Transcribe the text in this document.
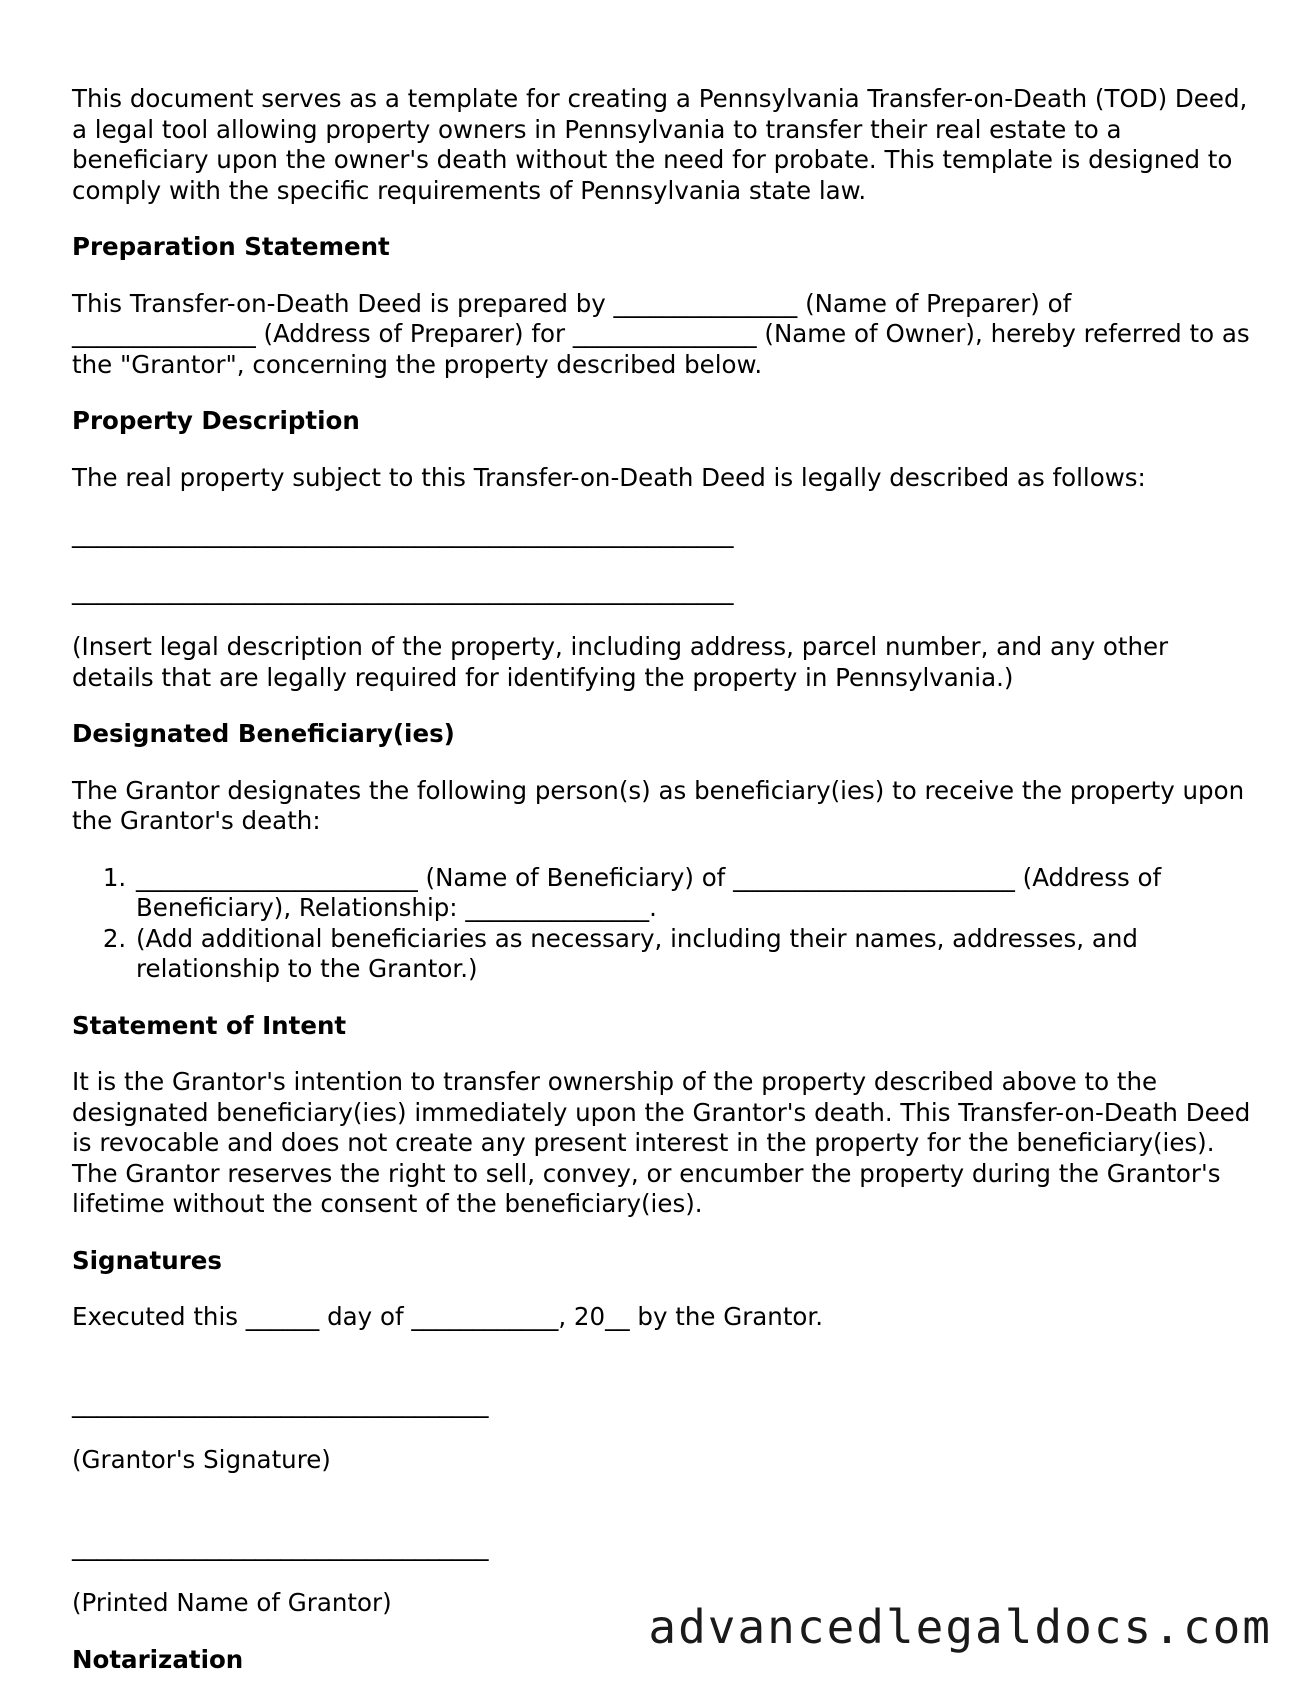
This document serves as a template for creating a Pennsylvania Transfer-on-Death (TOD) Deed, a legal tool allowing property owners in Pennsylvania to transfer their real estate to a beneficiary upon the owner's death without the need for probate. This template is designed to comply with the specific requirements of Pennsylvania state law.

Preparation Statement

This Transfer-on-Death Deed is prepared by _______________ (Name of Preparer) of _______________ (Address of Preparer) for _______________ (Name of Owner), hereby referred to as the "Grantor", concerning the property described below.

Property Description

The real property subject to this Transfer-on-Death Deed is legally described as follows:

______________________________________________________
______________________________________________________

(Insert legal description of the property, including address, parcel number, and any other details that are legally required for identifying the property in Pennsylvania.)

Designated Beneficiary(ies)

The Grantor designates the following person(s) as beneficiary(ies) to receive the property upon the Grantor's death:

1. _______________________ (Name of Beneficiary) of _______________________ (Address of Beneficiary), Relationship: _______________.
2. (Add additional beneficiaries as necessary, including their names, addresses, and relationship to the Grantor.)
Statement of Intent

It is the Grantor's intention to transfer ownership of the property described above to the designated beneficiary(ies) immediately upon the Grantor's death. This Transfer-on-Death Deed is revocable and does not create any present interest in the property for the beneficiary(ies). The Grantor reserves the right to sell, convey, or encumber the property during the Grantor's lifetime without the consent of the beneficiary(ies).

Signatures

Executed this ______ day of ____________, 20__ by the Grantor.

__________________________________

(Grantor's Signature)

__________________________________

(Printed Name of Grantor)

Notarization
advancedlegaldocs.com
